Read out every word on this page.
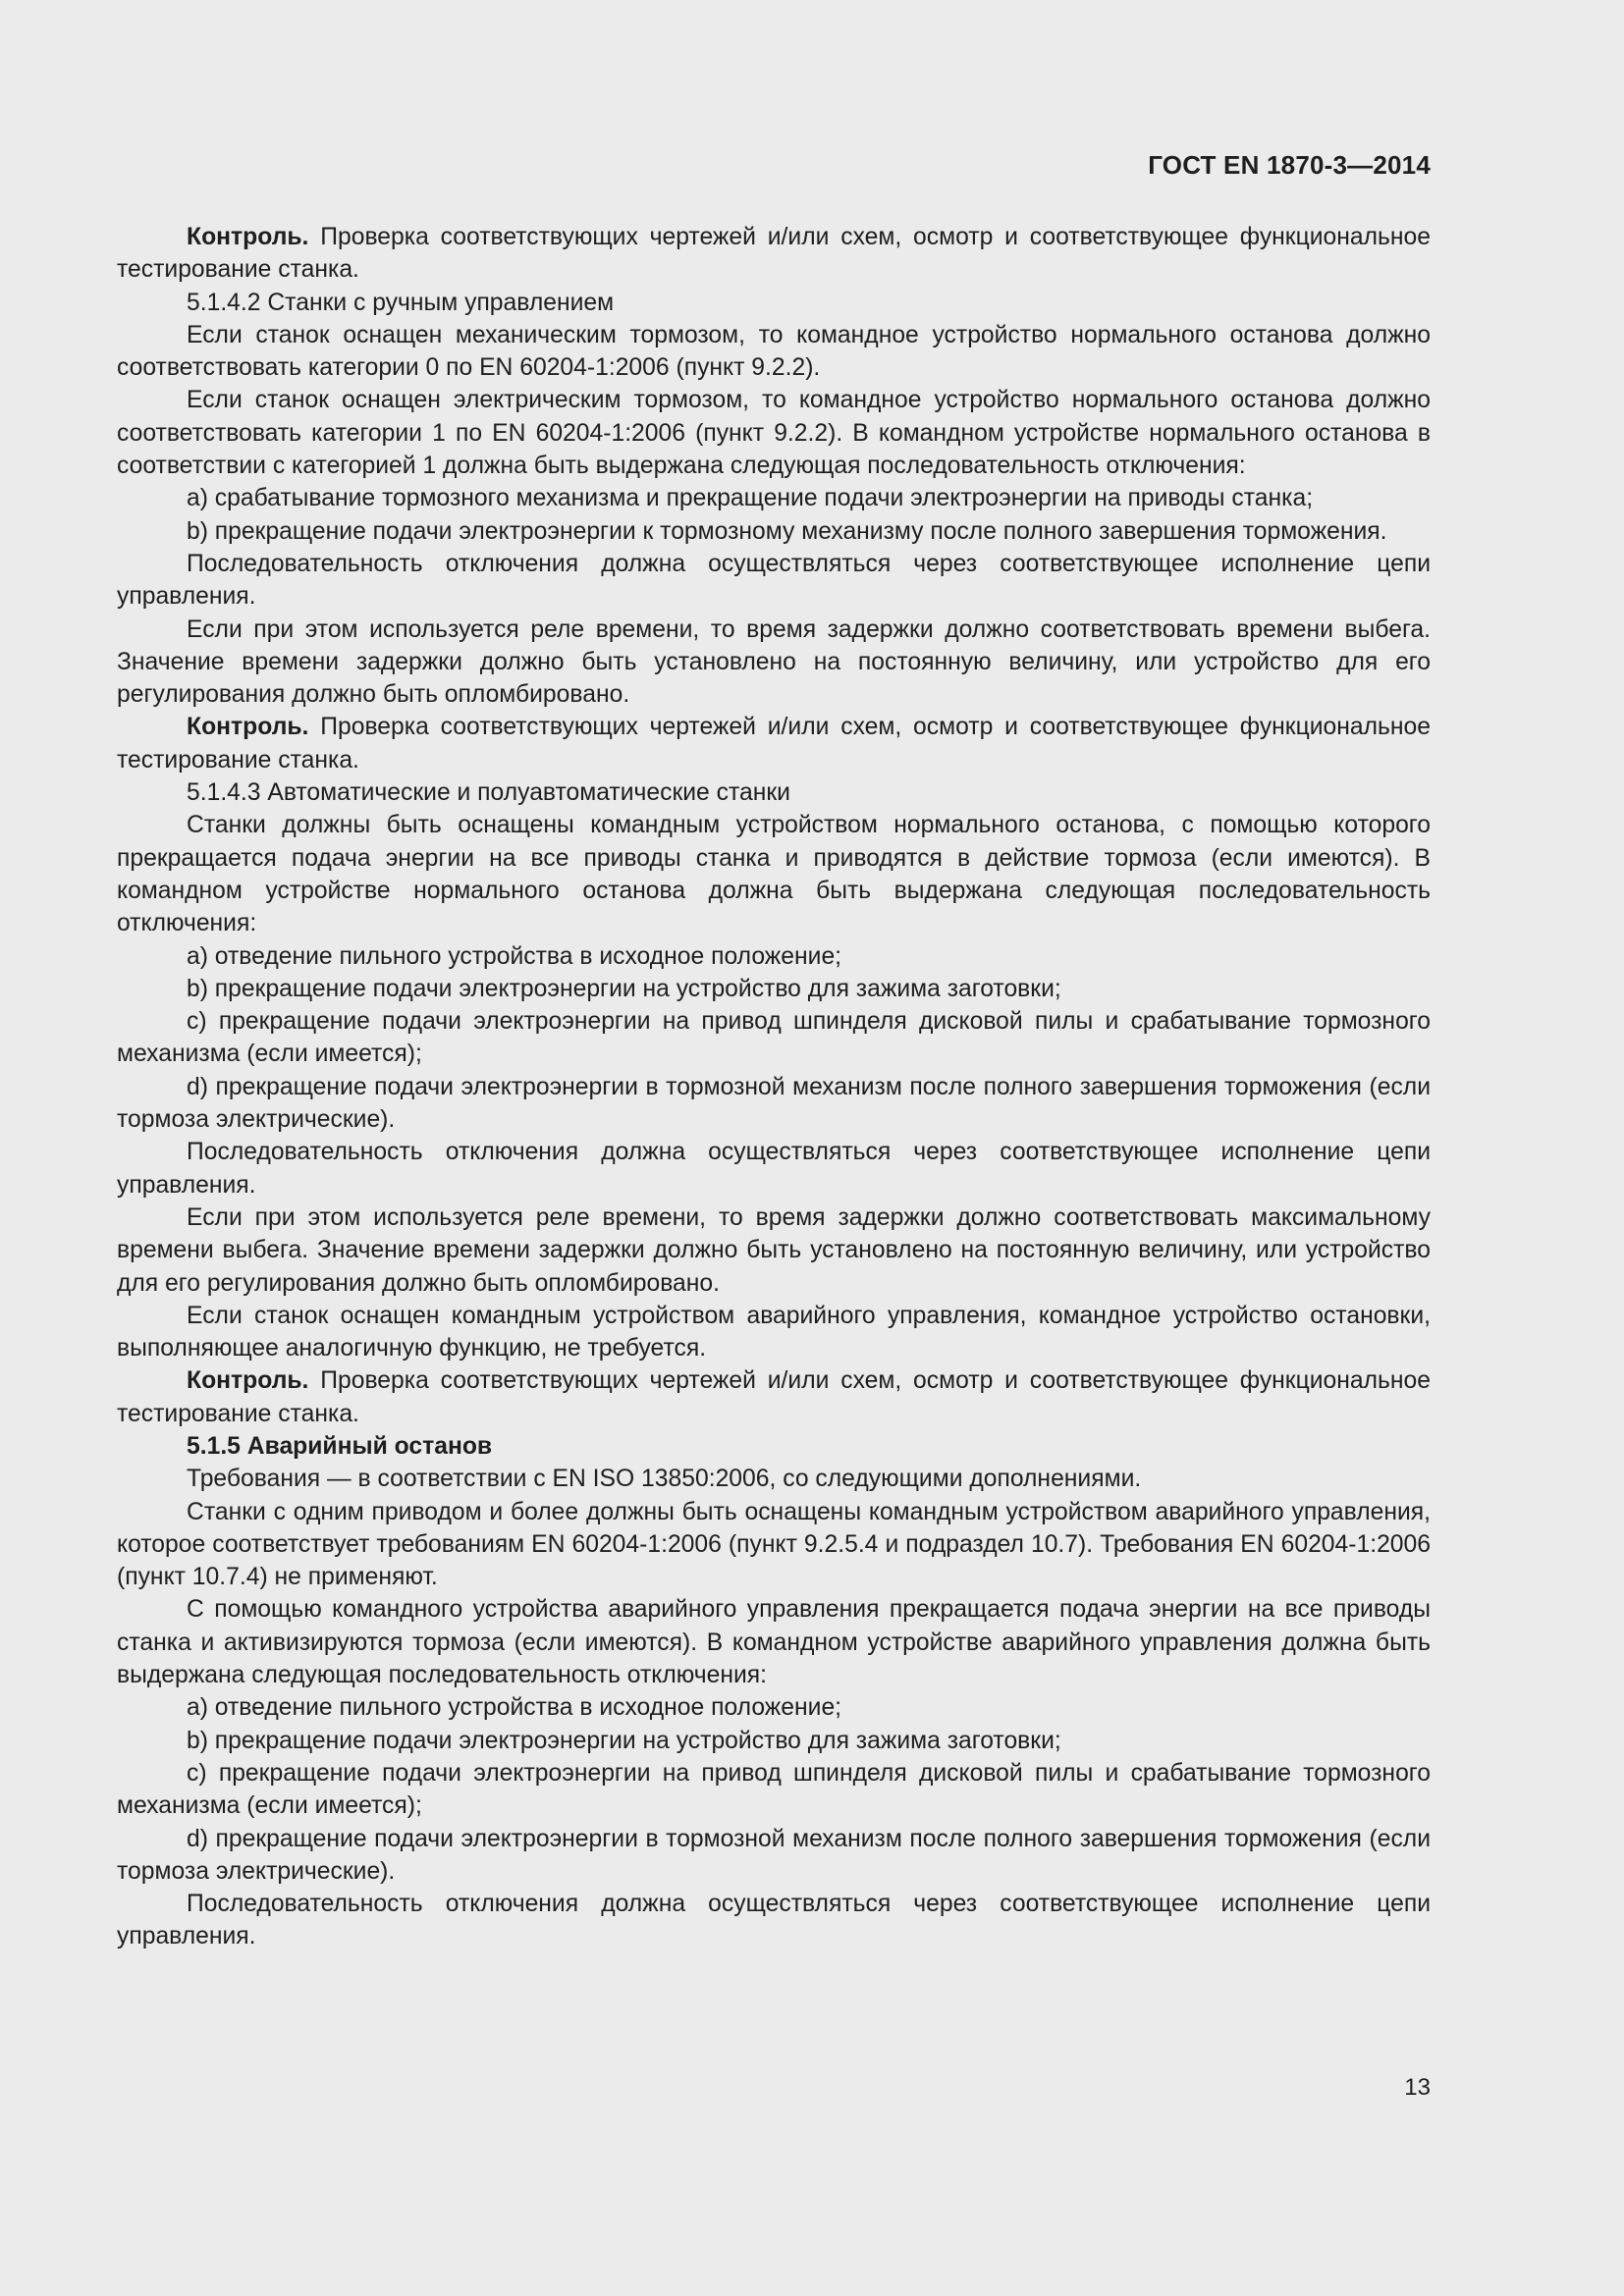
ГОСТ EN 1870-3—2014

Контроль. Проверка соответствующих чертежей и/или схем, осмотр и соответствующее функциональное тестирование станка.

5.1.4.2 Станки с ручным управлением

Если станок оснащен механическим тормозом, то командное устройство нормального останова должно соответствовать категории 0 по EN 60204-1:2006 (пункт 9.2.2).

Если станок оснащен электрическим тормозом, то командное устройство нормального останова должно соответствовать категории 1 по EN 60204-1:2006 (пункт 9.2.2). В командном устройстве нормального останова в соответствии с категорией 1 должна быть выдержана следующая последовательность отключения:

a) срабатывание тормозного механизма и прекращение подачи электроэнергии на приводы станка;

b) прекращение подачи электроэнергии к тормозному механизму после полного завершения торможения.

Последовательность отключения должна осуществляться через соответствующее исполнение цепи управления.

Если при этом используется реле времени, то время задержки должно соответствовать времени выбега. Значение времени задержки должно быть установлено на постоянную величину, или устройство для его регулирования должно быть опломбировано.

Контроль. Проверка соответствующих чертежей и/или схем, осмотр и соответствующее функциональное тестирование станка.

5.1.4.3 Автоматические и полуавтоматические станки

Станки должны быть оснащены командным устройством нормального останова, с помощью которого прекращается подача энергии на все приводы станка и приводятся в действие тормоза (если имеются). В командном устройстве нормального останова должна быть выдержана следующая последовательность отключения:

a) отведение пильного устройства в исходное положение;

b) прекращение подачи электроэнергии на устройство для зажима заготовки;

c) прекращение подачи электроэнергии на привод шпинделя дисковой пилы и срабатывание тормозного механизма (если имеется);

d) прекращение подачи электроэнергии в тормозной механизм после полного завершения торможения (если тормоза электрические).

Последовательность отключения должна осуществляться через соответствующее исполнение цепи управления.

Если при этом используется реле времени, то время задержки должно соответствовать максимальному времени выбега. Значение времени задержки должно быть установлено на постоянную величину, или устройство для его регулирования должно быть опломбировано.

Если станок оснащен командным устройством аварийного управления, командное устройство остановки, выполняющее аналогичную функцию, не требуется.

Контроль. Проверка соответствующих чертежей и/или схем, осмотр и соответствующее функциональное тестирование станка.

5.1.5 Аварийный останов

Требования — в соответствии с EN ISO 13850:2006, со следующими дополнениями.

Станки с одним приводом и более должны быть оснащены командным устройством аварийного управления, которое соответствует требованиям EN 60204-1:2006 (пункт 9.2.5.4 и подраздел 10.7). Требования EN 60204-1:2006 (пункт 10.7.4) не применяют.

С помощью командного устройства аварийного управления прекращается подача энергии на все приводы станка и активизируются тормоза (если имеются). В командном устройстве аварийного управления должна быть выдержана следующая последовательность отключения:

a) отведение пильного устройства в исходное положение;

b) прекращение подачи электроэнергии на устройство для зажима заготовки;

c) прекращение подачи электроэнергии на привод шпинделя дисковой пилы и срабатывание тормозного механизма (если имеется);

d) прекращение подачи электроэнергии в тормозной механизм после полного завершения торможения (если тормоза электрические).

Последовательность отключения должна осуществляться через соответствующее исполнение цепи управления.

13
